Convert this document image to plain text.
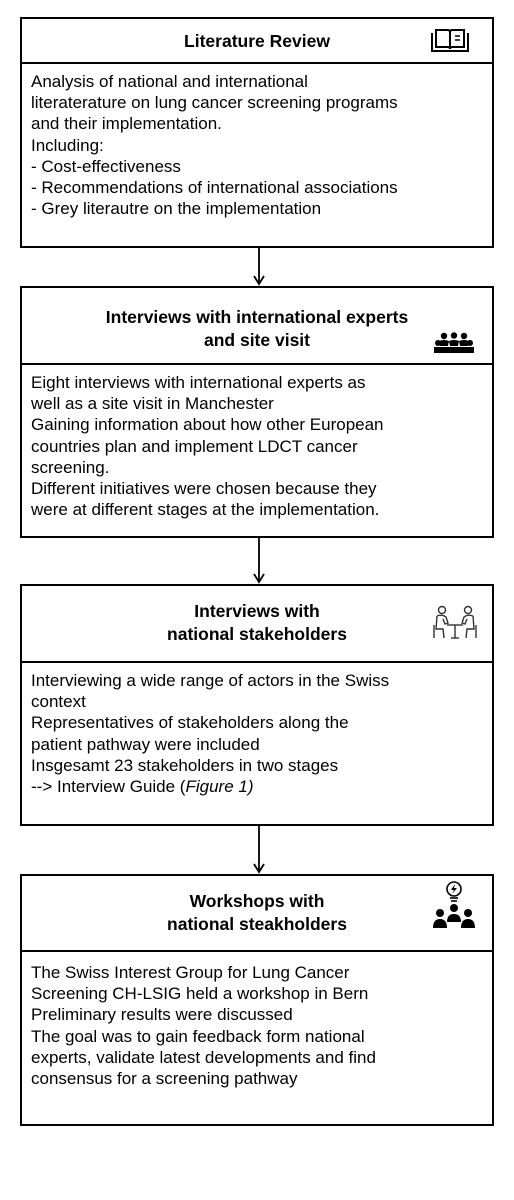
Literature Review
Analysis of national and international
literaterature on lung cancer screening programs
and their implementation.
Including:
- Cost-effectiveness
- Recommendations of international associations
- Grey literautre on the implementation
Interviews with international experts
and site visit
Eight interviews with international experts as
well as a site visit in Manchester
Gaining information about how other European
countries plan and implement LDCT cancer
screening.
Different initiatives were chosen because they
were at different stages at the implementation.
Interviews with
national stakeholders
Interviewing a wide range of actors in the Swiss
context
Representatives of stakeholders along the
patient pathway were included
Insgesamt 23 stakeholders in two stages
--> Interview Guide (Figure 1)
Workshops with
national steakholders
The Swiss Interest Group for Lung Cancer
Screening CH-LSIG held a workshop in Bern
Preliminary results were discussed
The goal was to gain feedback form national
experts, validate latest developments and find
consensus for a screening pathway
